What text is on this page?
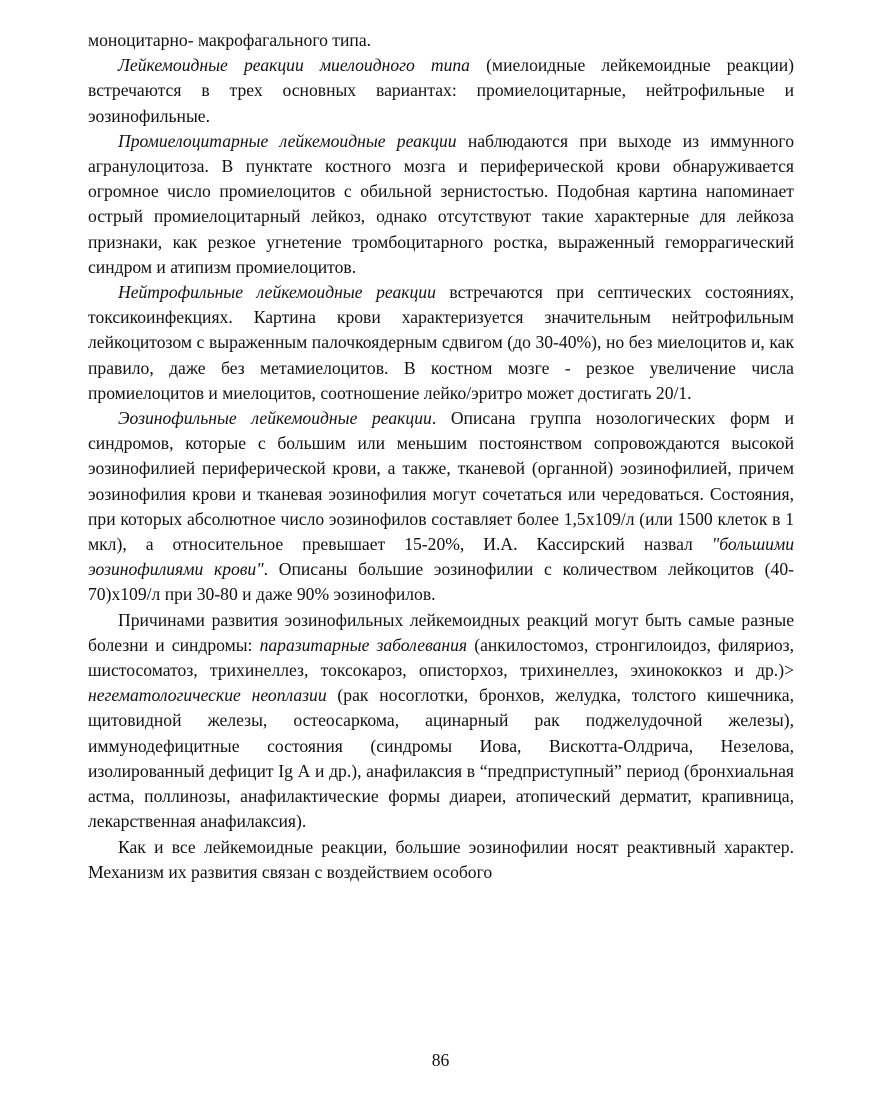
моноцитарно- макрофагального типа.

Лейкемоидные реакции миелоидного типа (миелоидные лейкемоидные реакции) встречаются в трех основных вариантах: промиелоцитарные, нейтрофильные и эозинофильные.

Промиелоцитарные лейкемоидные реакции наблюдаются при выходе из иммунного агранулоцитоза. В пунктате костного мозга и периферической крови обнаруживается огромное число промиелоцитов с обильной зернистостью. Подобная картина напоминает острый промиелоцитарный лейкоз, однако отсутствуют такие характерные для лейкоза признаки, как резкое угнетение тромбоцитарного ростка, выраженный геморрагический синдром и атипизм промиелоцитов.

Нейтрофильные лейкемоидные реакции встречаются при септических состояниях, токсикоинфекциях. Картина крови характеризуется значительным нейтрофильным лейкоцитозом с выраженным палочкоядерным сдвигом (до 30-40%), но без миелоцитов и, как правило, даже без метамиелоцитов. В костном мозге - резкое увеличение числа промиелоцитов и миелоцитов, соотношение лейко/эритро может достигать 20/1.

Эозинофильные лейкемоидные реакции. Описана группа нозологических форм и синдромов, которые с большим или меньшим постоянством сопровождаются высокой эозинофилией периферической крови, а также, тканевой (органной) эозинофилией, причем эозинофилия крови и тканевая эозинофилия могут сочетаться или чередоваться. Состояния, при которых абсолютное число эозинофилов составляет более 1,5х109/л (или 1500 клеток в 1 мкл), а относительное превышает 15-20%, И.А. Кассирский назвал "большими эозинофилиями крови". Описаны большие эозинофилии с количеством лейкоцитов (40-70)х109/л при 30-80 и даже 90% эозинофилов.

Причинами развития эозинофильных лейкемоидных реакций могут быть самые разные болезни и синдромы: паразитарные заболевания (анкилостомоз, стронгилоидоз, филяриоз, шистосоматоз, трихинеллез, токсокароз, описторхоз, трихинеллез, эхинококкоз и др.)> негематологические неоплазии (рак носоглотки, бронхов, желудка, толстого кишечника, щитовидной железы, остеосаркома, ацинарный рак поджелудочной железы), иммунодефицитные состояния (синдромы Иова, Вискотта-Олдрича, Незелова, изолированный дефицит Ig А и др.), анафилаксия в “предприступный” период (бронхиальная астма, поллинозы, анафилактические формы диареи, атопический дерматит, крапивница, лекарственная анафилаксия).

Как и все лейкемоидные реакции, большие эозинофилии носят реактивный характер. Механизм их развития связан с воздействием особого

86
